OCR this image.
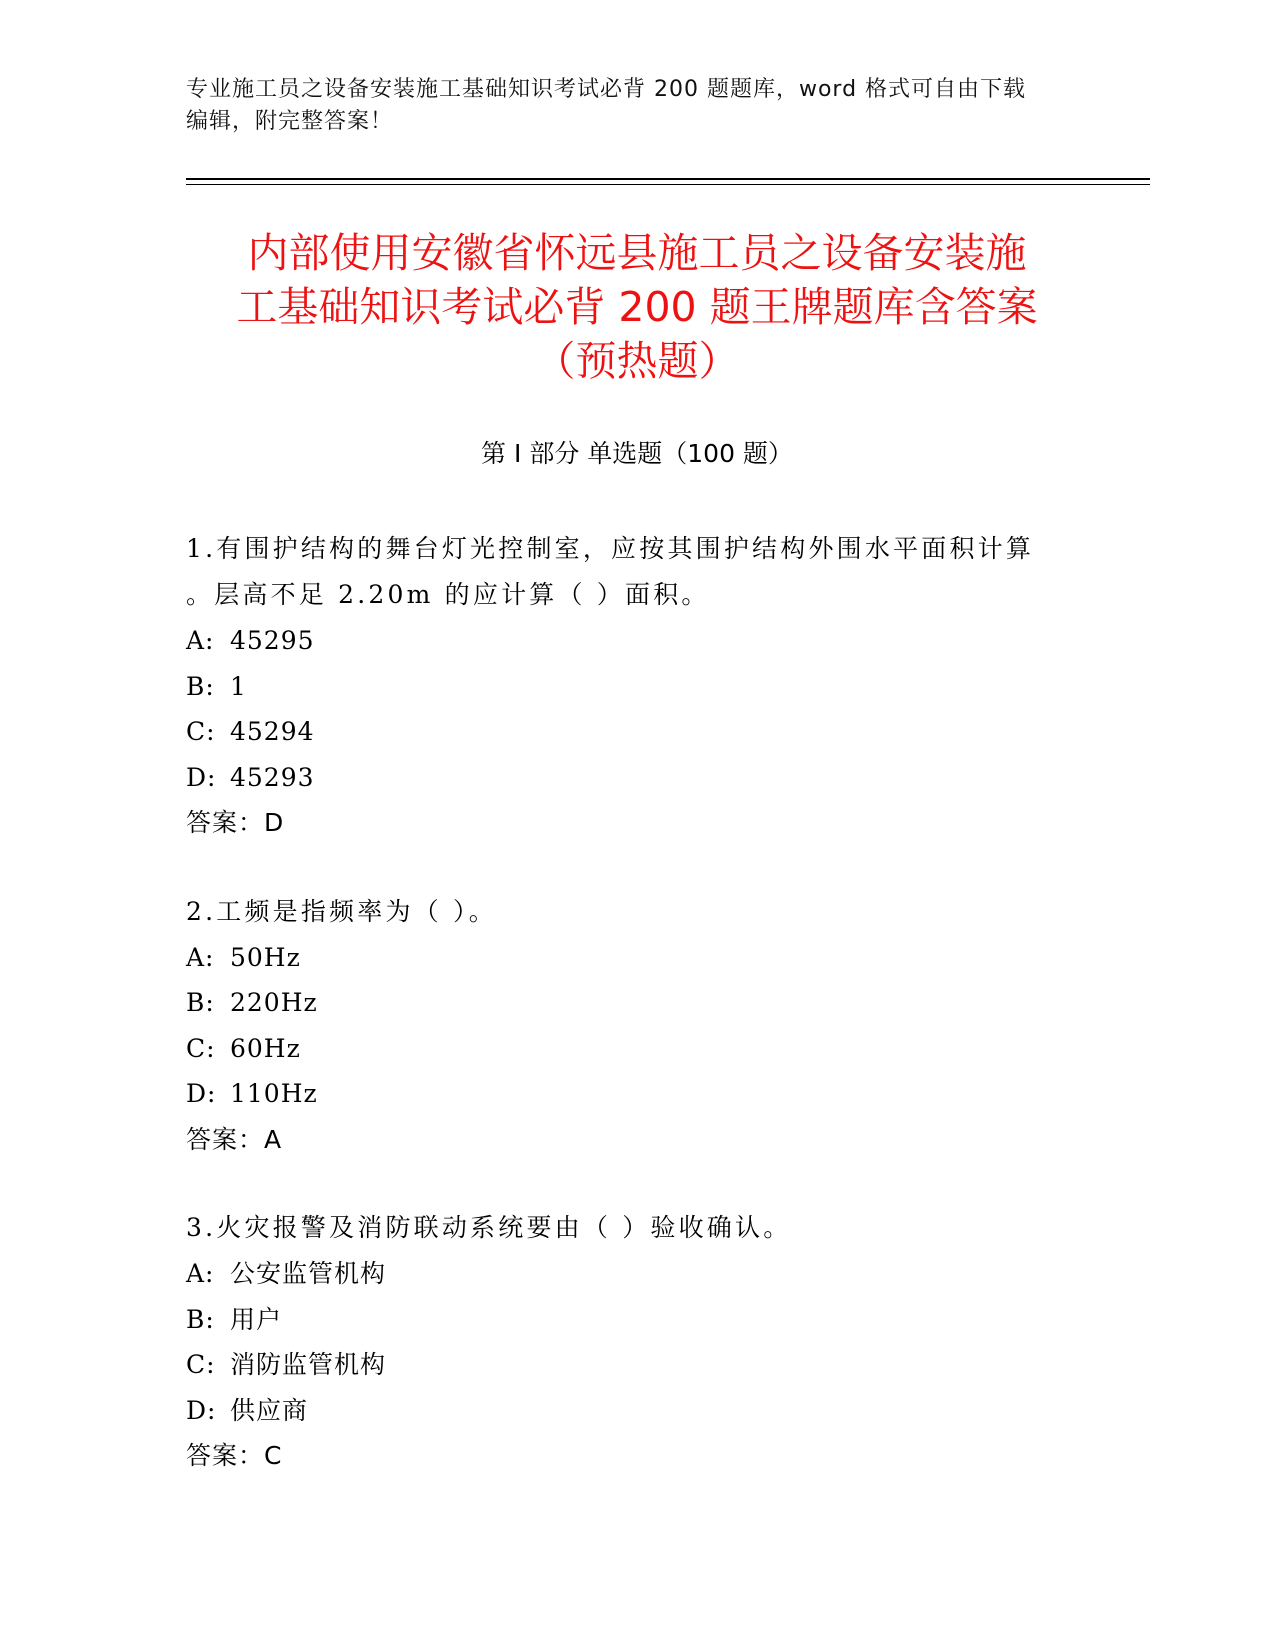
专业施工员之设备安装施工基础知识考试必背 200 题题库，word 格式可自由下载
编辑，附完整答案！
内部使用安徽省怀远县施工员之设备安装施
工基础知识考试必背 200 题王牌题库含答案
（预热题）
第 I 部分 单选题（100 题）
1.有围护结构的舞台灯光控制室，应按其围护结构外围水平面积计算
。层高不足 2.20m 的应计算（ ）面积。
A: 45295
B: 1
C: 45294
D: 45293
答案：D
2.工频是指频率为（ ）。
A: 50Hz
B: 220Hz
C: 60Hz
D: 110Hz
答案：A
3.火灾报警及消防联动系统要由（ ）验收确认。
A: 公安监管机构
B: 用户
C: 消防监管机构
D: 供应商
答案：C
